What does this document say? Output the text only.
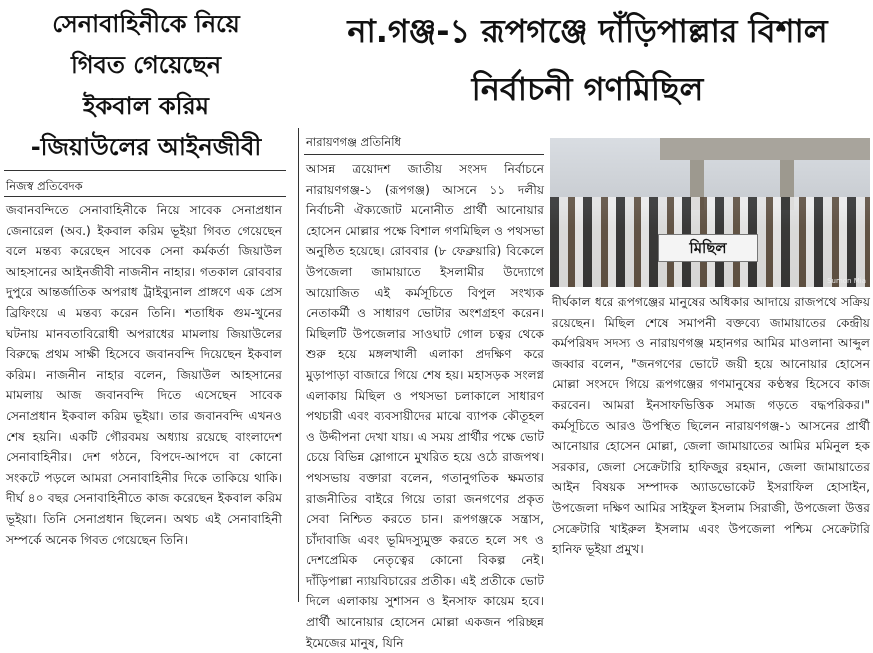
সেনাবাহিনীকে নিয়ে
গিবত গেয়েছেন
ইকবাল করিম
-জিয়াউলের আইনজীবী
না.গঞ্জ-১ রূপগঞ্জে দাঁড়িপাল্লার বিশাল
নির্বাচনী গণমিছিল

নিজস্ব প্রতিবেদক

নারায়ণগঞ্জ প্রতিনিধি

জবানবন্দিতে সেনাবাহিনীকে নিয়ে সাবেক সেনাপ্রধান জেনারেল (অব.) ইকবাল করিম ভূইয়া গিবত গেয়েছেন বলে মন্তব্য করেছেন সাবেক সেনা কর্মকর্তা জিয়াউল আহসানের আইনজীবী নাজনীন নাহার। গতকাল রোববার দুপুরে আন্তর্জাতিক অপরাধ ট্রাইব্যুনাল প্রাঙ্গণে এক প্রেস ব্রিফিংয়ে এ মন্তব্য করেন তিনি। শতাধিক গুম-খুনের ঘটনায় মানবতাবিরোধী অপরাধের মামলায় জিয়াউলের বিরুদ্ধে প্রথম সাক্ষী হিসেবে জবানবন্দি দিয়েছেন ইকবাল করিম। নাজনীন নাহার বলেন, জিয়াউল আহসানের মামলায় আজ জবানবন্দি দিতে এসেছেন সাবেক সেনাপ্রধান ইকবাল করিম ভূইয়া। তার জবানবন্দি এখনও শেষ হয়নি। একটি গৌরবময় অধ্যায় রয়েছে বাংলাদেশ সেনাবাহিনীর। দেশ গঠনে, বিপদে-আপদে বা কোনো সংকটে পড়লে আমরা সেনাবাহিনীর দিকে তাকিয়ে থাকি। দীর্ঘ ৪০ বছর সেনাবাহিনীতে কাজ করেছেন ইকবাল করিম ভূইয়া। তিনি সেনাপ্রধান ছিলেন। অথচ এই সেনাবাহিনী সম্পর্কে অনেক গিবত গেয়েছেন তিনি।

আসন্ন ত্রয়োদশ জাতীয় সংসদ নির্বাচনে নারায়ণগঞ্জ-১ (রূপগঞ্জ) আসনে ১১ দলীয় নির্বাচনী ঐক্যজোট মনোনীত প্রার্থী আনোয়ার হোসেন মোল্লার পক্ষে বিশাল গণমিছিল ও পথসভা অনুষ্ঠিত হয়েছে। রোববার (৮ ফেব্রুয়ারি) বিকেলে উপজেলা জামায়াতে ইসলামীর উদ্যোগে আয়োজিত এই কর্মসূচিতে বিপুল সংখ্যক নেতাকর্মী ও সাধারণ ভোটার অংশগ্রহণ করেন। মিছিলটি উপজেলার সাওঘাট গোল চত্বর থেকে শুরু হয়ে মঙ্গলখালী এলাকা প্রদক্ষিণ করে মুড়াপাড়া বাজারে গিয়ে শেষ হয়। মহাসড়ক সংলগ্ন এলাকায় মিছিল ও পথসভা চলাকালে সাধারণ পথচারী এবং ব্যবসায়ীদের মাঝে ব্যাপক কৌতূহল ও উদ্দীপনা দেখা যায়। এ সময় প্রার্থীর পক্ষে ভোট চেয়ে বিভিন্ন স্লোগানে মুখরিত হয়ে ওঠে রাজপথ।পথসভায় বক্তারা বলেন, গতানুগতিক ক্ষমতার রাজনীতির বাইরে গিয়ে তারা জনগণের প্রকৃত সেবা নিশ্চিত করতে চান। রূপগঞ্জকে সন্ত্রাস, চাঁদাবাজি এবং ভূমিদস্যুমুক্ত করতে হলে সৎ ও দেশপ্রেমিক নেতৃত্বের কোনো বিকল্প নেই। দাঁড়িপাল্লা ন্যায়বিচারের প্রতীক। এই প্রতীকে ভোট দিলে এলাকায় সুশাসন ও ইনসাফ কায়েম হবে। প্রার্থী আনোয়ার হোসেন মোল্লা একজন পরিচ্ছন্ন ইমেজের মানুষ, যিনি

মিছিল
Sumon Mia

দীর্ঘকাল ধরে রূপগঞ্জের মানুষের অধিকার আদায়ে রাজপথে সক্রিয় রয়েছেন। মিছিল শেষে সমাপনী বক্তব্যে জামায়াতের কেন্দ্রীয় কর্মপরিষদ সদস্য ও নারায়ণগঞ্জ মহানগর আমির মাওলানা আব্দুল জব্বার বলেন, "জনগণের ভোটে জয়ী হয়ে আনোয়ার হোসেন মোল্লা সংসদে গিয়ে রূপগঞ্জের গণমানুষের কণ্ঠস্বর হিসেবে কাজ করবেন। আমরা ইনসাফভিত্তিক সমাজ গড়তে বদ্ধপরিকর।" কর্মসূচিতে আরও উপস্থিত ছিলেন নারায়ণগঞ্জ-১ আসনের প্রার্থী আনোয়ার হোসেন মোল্লা, জেলা জামায়াতের আমির মমিনুল হক সরকার, জেলা সেক্রেটারি হাফিজুর রহমান, জেলা জামায়াতের আইন বিষয়ক সম্পাদক অ্যাডভোকেট ইসরাফিল হোসাইন, উপজেলা দক্ষিণ আমির সাইফুল ইসলাম সিরাজী, উপজেলা উত্তর সেক্রেটারি খাইরুল ইসলাম এবং উপজেলা পশ্চিম সেক্রেটারি হানিফ ভূইয়া প্রমুখ।
